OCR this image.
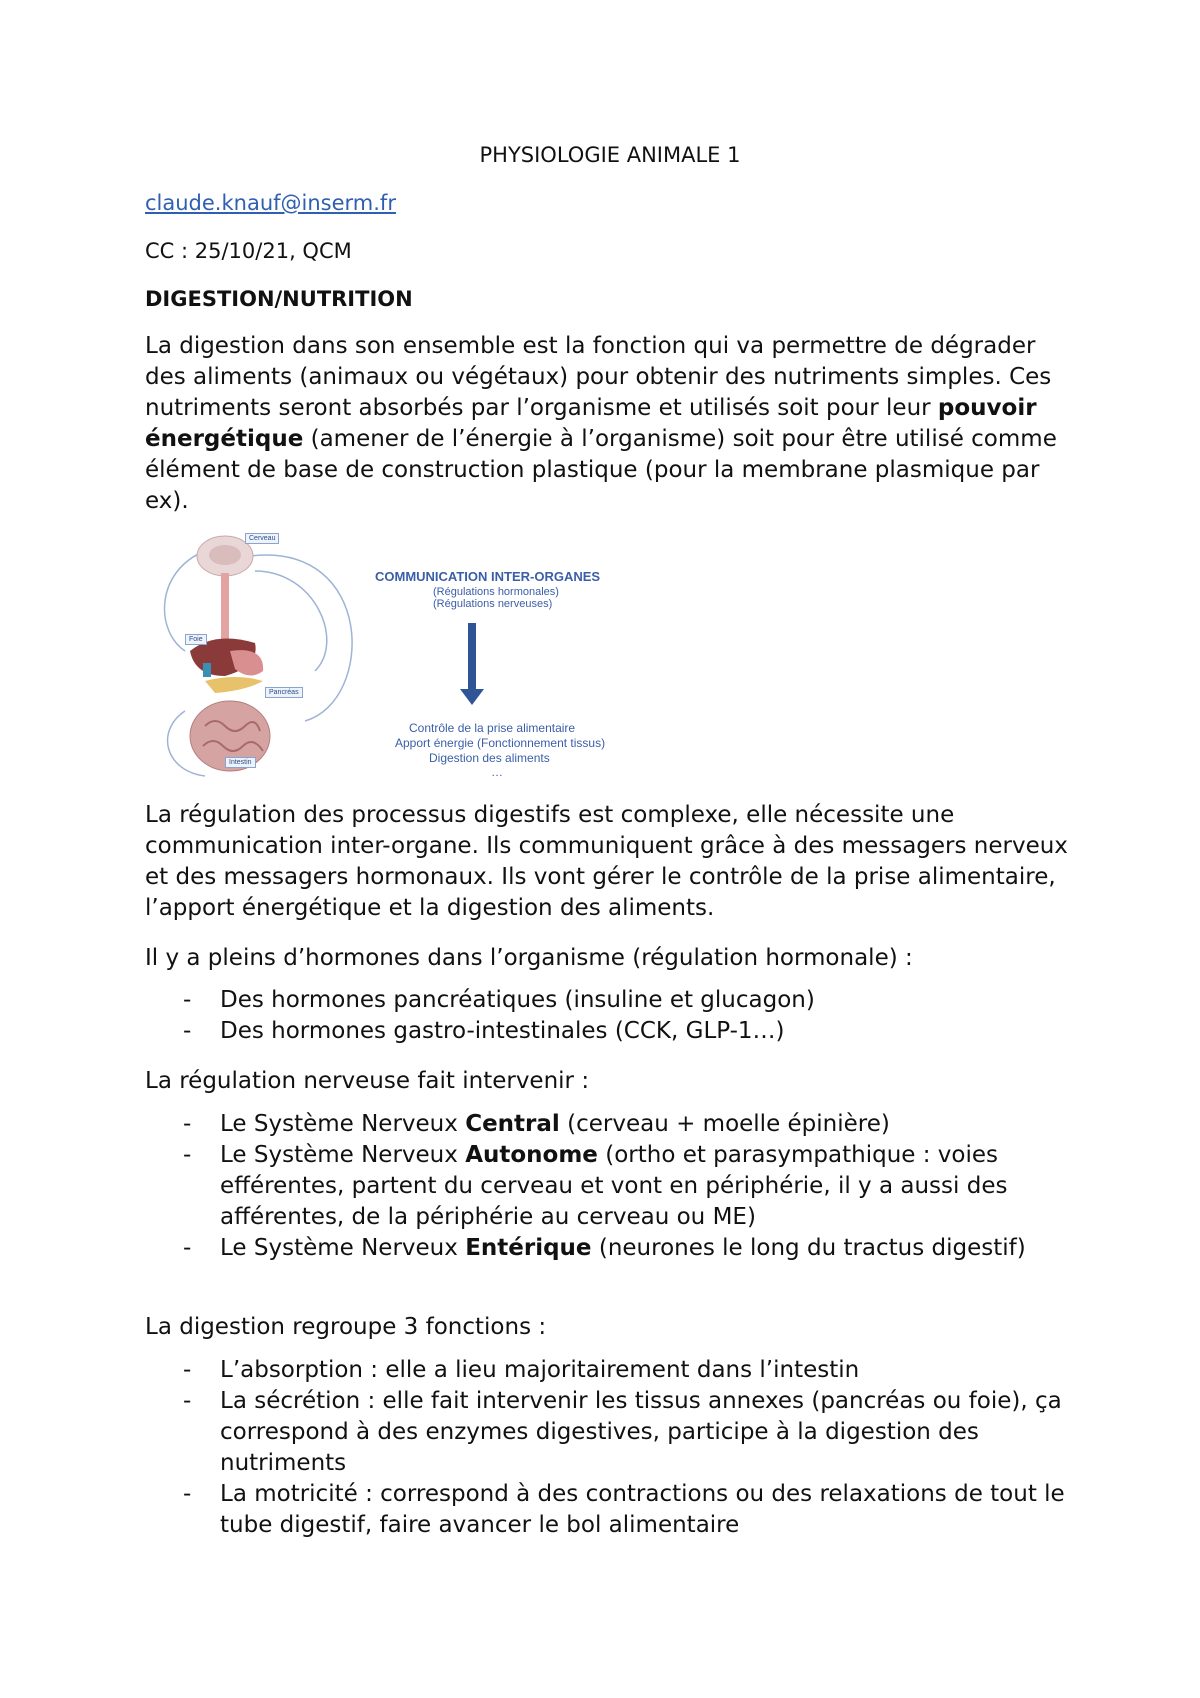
PHYSIOLOGIE ANIMALE 1
claude.knauf@inserm.fr
CC : 25/10/21, QCM
DIGESTION/NUTRITION
La digestion dans son ensemble est la fonction qui va permettre de dégrader des aliments (animaux ou végétaux) pour obtenir des nutriments simples. Ces nutriments seront absorbés par l’organisme et utilisés soit pour leur pouvoir énergétique (amener de l’énergie à l’organisme) soit pour être utilisé comme élément de base de construction plastique (pour la membrane plasmique par ex).
Cerveau
Foie
Pancréas
Intestin
COMMUNICATION INTER-ORGANES
(Régulations hormonales)
(Régulations nerveuses)
Contrôle de la prise alimentaire
Apport énergie (Fonctionnement tissus)
Digestion des aliments
…
La régulation des processus digestifs est complexe, elle nécessite une communication inter-organe. Ils communiquent grâce à des messagers nerveux et des messagers hormonaux. Ils vont gérer le contrôle de la prise alimentaire, l’apport énergétique et la digestion des aliments.
Il y a pleins d’hormones dans l’organisme (régulation hormonale) :
- Des hormones pancréatiques (insuline et glucagon)
- Des hormones gastro-intestinales (CCK, GLP-1…)
La régulation nerveuse fait intervenir :
- Le Système Nerveux Central (cerveau + moelle épinière)
- Le Système Nerveux Autonome (ortho et parasympathique : voies efférentes, partent du cerveau et vont en périphérie, il y a aussi des afférentes, de la périphérie au cerveau ou ME)
- Le Système Nerveux Entérique (neurones le long du tractus digestif)
La digestion regroupe 3 fonctions :
- L’absorption : elle a lieu majoritairement dans l’intestin
- La sécrétion : elle fait intervenir les tissus annexes (pancréas ou foie), ça correspond à des enzymes digestives, participe à la digestion des nutriments
- La motricité : correspond à des contractions ou des relaxations de tout le tube digestif, faire avancer le bol alimentaire
